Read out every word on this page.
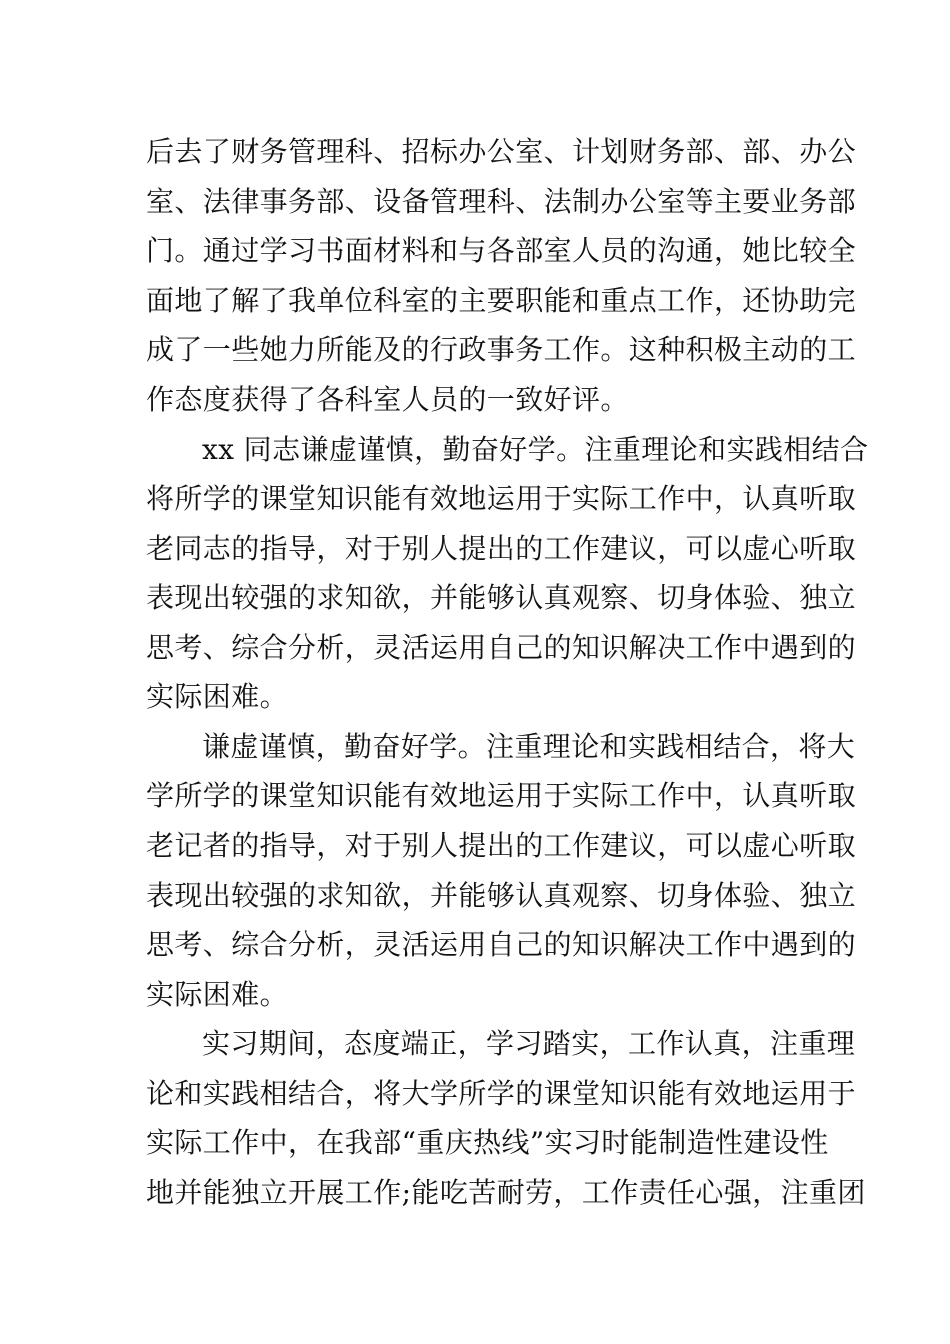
后去了财务管理科、招标办公室、计划财务部、部、办公
室、法律事务部、设备管理科、法制办公室等主要业务部
门。通过学习书面材料和与各部室人员的沟通，她比较全
面地了解了我单位科室的主要职能和重点工作，还协助完
成了一些她力所能及的行政事务工作。这种积极主动的工
作态度获得了各科室人员的一致好评。
xx 同志谦虚谨慎，勤奋好学。注重理论和实践相结合
将所学的课堂知识能有效地运用于实际工作中，认真听取
老同志的指导，对于别人提出的工作建议，可以虚心听取
表现出较强的求知欲，并能够认真观察、切身体验、独立
思考、综合分析，灵活运用自己的知识解决工作中遇到的
实际困难。
谦虚谨慎，勤奋好学。注重理论和实践相结合，将大
学所学的课堂知识能有效地运用于实际工作中，认真听取
老记者的指导，对于别人提出的工作建议，可以虚心听取
表现出较强的求知欲，并能够认真观察、切身体验、独立
思考、综合分析，灵活运用自己的知识解决工作中遇到的
实际困难。
实习期间，态度端正，学习踏实，工作认真，注重理
论和实践相结合，将大学所学的课堂知识能有效地运用于
实际工作中，在我部“重庆热线”实习时能制造性建设性
地并能独立开展工作;能吃苦耐劳，工作责任心强，注重团
